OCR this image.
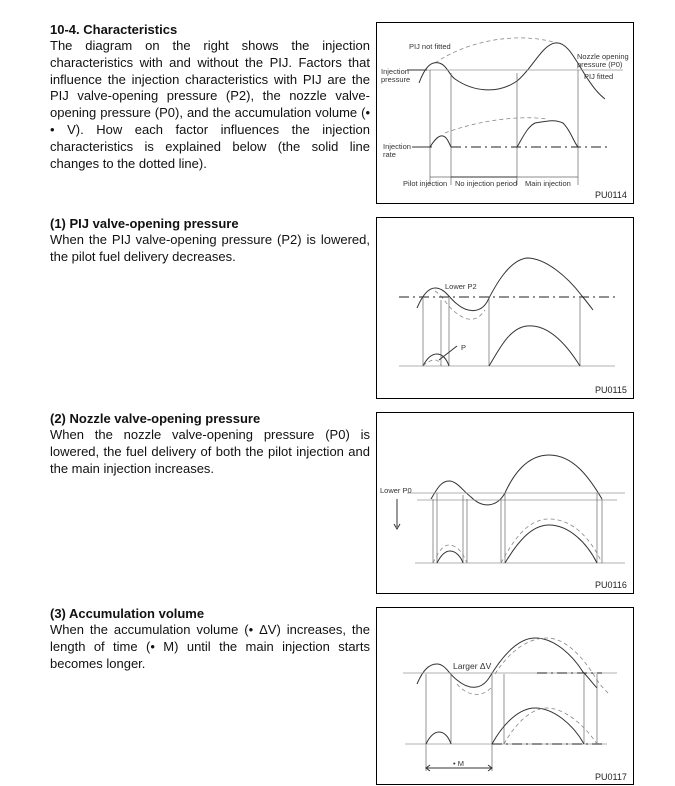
10-4. Characteristics

The diagram on the right shows the injection characteristics with and without the PIJ. Factors that influence the injection characteristics with PIJ are the PIJ valve-opening pressure (P2), the nozzle valve-opening pressure (P0), and the accumulation volume (• • V). How each factor influences the injection characteristics is explained below (the solid line changes to the dotted line).

(1) PIJ valve-opening pressure

When the PIJ valve-opening pressure (P2) is lowered, the pilot fuel delivery decreases.

(2) Nozzle valve-opening pressure

When the nozzle valve-opening pressure (P0) is lowered, the fuel delivery of both the pilot injection and the main injection increases.

(3) Accumulation volume

When the accumulation volume (• ΔV) increases, the length of time (• M) until the main injection starts becomes longer.

PIJ not fitted
Nozzle opening
pressure (P0)
PIJ fitted
Injection
pressure
Injection
rate
Pilot injection No injection period Main injection
PU0114
Lower P2
P
PU0115
Lower P0
PU0116
Larger ΔV
• M
PU0117
